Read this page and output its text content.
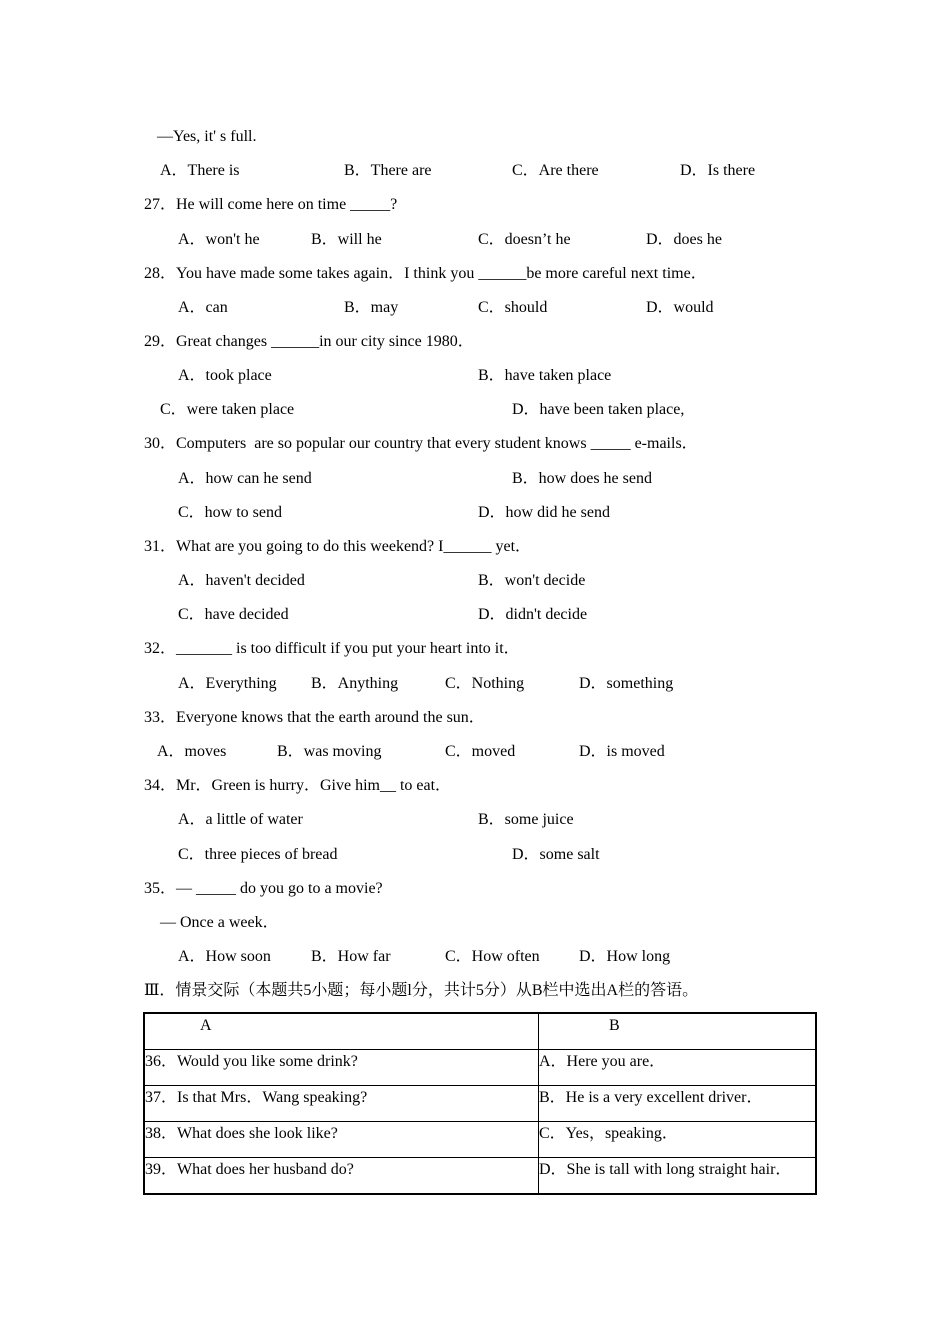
—Yes, it' s full.
A．There is	B．There are	C．Are there	D．Is there
27．He will come here on time _____?
A．won't he	B．will he	C．doesn’t he	D．does he
28．You have made some takes again．I think you ______be more careful next time．
A．can	B．may	C．should	D．would
29．Great changes ______in our city since 1980．
A．took place	B．have taken place
C．were taken place	D．have been taken place,
30．Computers  are so popular our country that every student knows _____ e-mails．
A．how can he send	B．how does he send
C．how to send	D．how did he send
31．What are you going to do this weekend? I______ yet．
A．haven't decided	B．won't decide
C．have decided	D．didn't decide
32．_______ is too difficult if you put your heart into it．
A．Everything B．Anything	C．Nothing	D．something
33．Everyone knows that the earth around the sun．
A．moves	B．was moving	C．moved	D．is moved
34．Mr．Green is hurry．Give him__ to eat．
A．a little of water	B．some juice
C．three pieces of bread	D．some salt
35．— _____ do you go to a movie?
— Once a week．
A．How soon	B．How far	C．How often D．How long
Ⅲ．情景交际（本题共5小题；每小题l分，共计5分）从B栏中选出A栏的答语。
A	B
36．Would you like some drink?	A．Here you are．
37．Is that Mrs．Wang speaking?	B．He is a very excellent driver．
38．What does she look like?	C．Yes，speaking．
39．What does her husband do?	D．She is tall with long straight hair．
